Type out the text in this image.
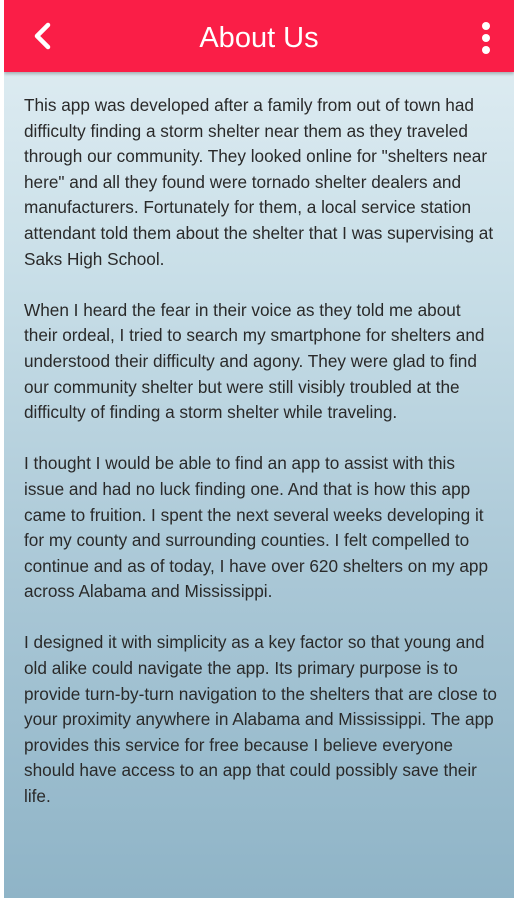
About Us

This app was developed after a family from out of town had difficulty finding a storm shelter near them as they traveled through our community. They looked online for "shelters near here" and all they found were tornado shelter dealers and manufacturers. Fortunately for them, a local service station attendant told them about the shelter that I was supervising at Saks High School.

When I heard the fear in their voice as they told me about their ordeal, I tried to search my smartphone for shelters and understood their difficulty and agony. They were glad to find our community shelter but were still visibly troubled at the difficulty of finding a storm shelter while traveling.

I thought I would be able to find an app to assist with this issue and had no luck finding one. And that is how this app came to fruition. I spent the next several weeks developing it for my county and surrounding counties. I felt compelled to continue and as of today, I have over 620 shelters on my app across Alabama and Mississippi.

I designed it with simplicity as a key factor so that young and old alike could navigate the app. Its primary purpose is to provide turn-by-turn navigation to the shelters that are close to your proximity anywhere in Alabama and Mississippi. The app provides this service for free because I believe everyone should have access to an app that could possibly save their life.
